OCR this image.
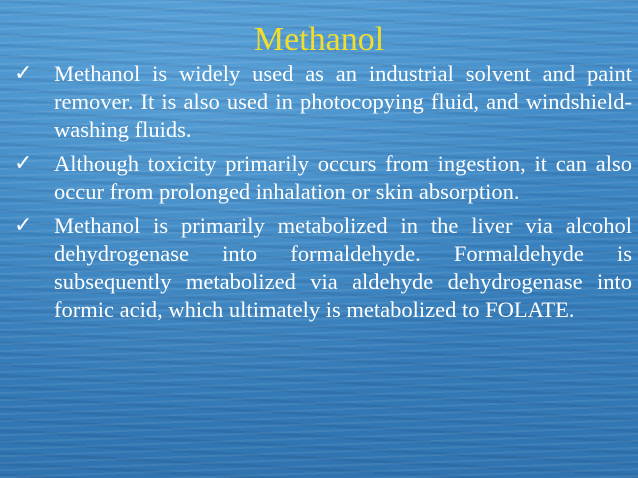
Methanol
✓ Methanol is widely used as an industrial solvent and paint remover. It is also used in photocopying fluid, and windshield-washing fluids.
✓ Although toxicity primarily occurs from ingestion, it can also occur from prolonged inhalation or skin absorption.
✓ Methanol is primarily metabolized in the liver via alcohol dehydrogenase into formaldehyde. Formaldehyde is subsequently metabolized via aldehyde dehydrogenase into formic acid, which ultimately is metabolized to FOLATE.
